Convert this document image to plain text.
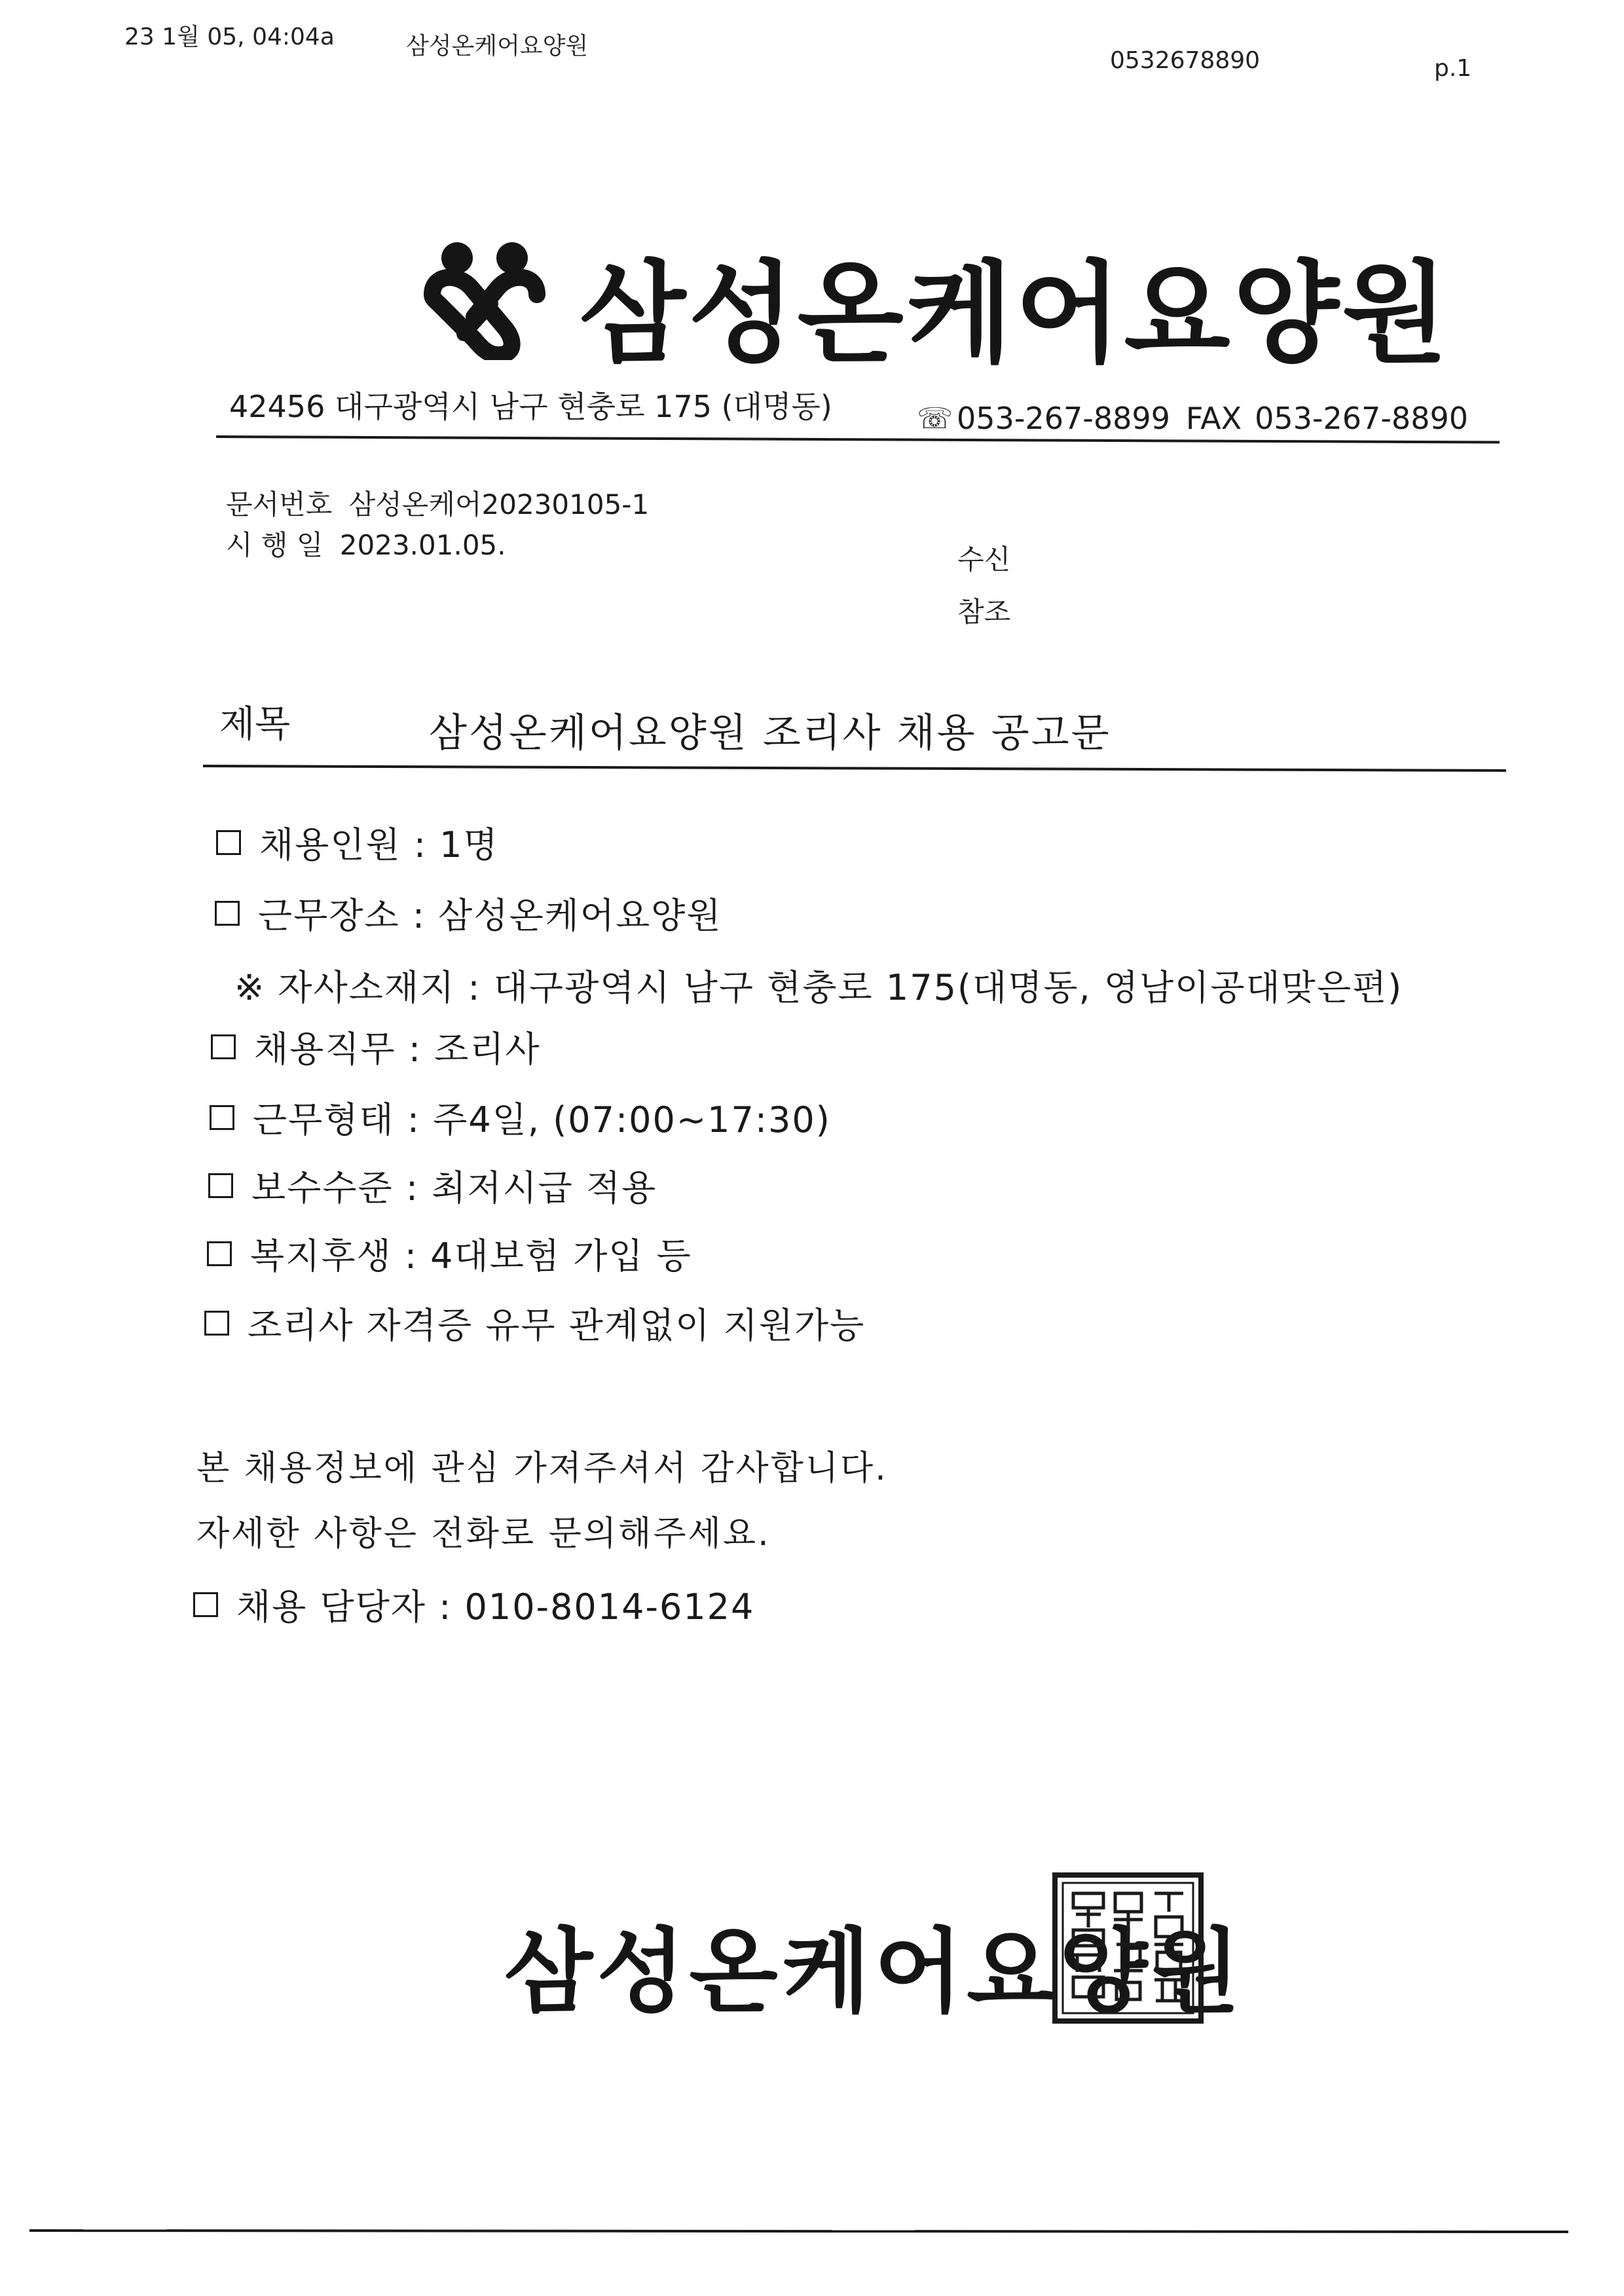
23 1월 05, 04:04a	삼성온케어요양원
0532678890	p.1
삼성온케어요양원
42456 대구광역시 남구 현충로 175 (대명동)	☏ 053-267-8899 FAX 053-267-8890
문서번호 삼성온케어20230105-1
시 행 일 2023.01.05.	수신
참조
제목	삼성온케어요양원 조리사 채용 공고문
채용인원 : 1명
근무장소 : 삼성온케어요양원
※ 자사소재지 : 대구광역시 남구 현충로 175(대명동, 영남이공대맞은편)
채용직무 : 조리사
근무형태 : 주4일, (07:00~17:30)
보수수준 : 최저시급 적용
복지후생 : 4대보험 가입 등
조리사 자격증 유무 관계없이 지원가능
본 채용정보에 관심 가져주셔서 감사합니다.
자세한 사항은 전화로 문의해주세요.
채용 담당자 : 010-8014-6124
삼성온케어요양원
